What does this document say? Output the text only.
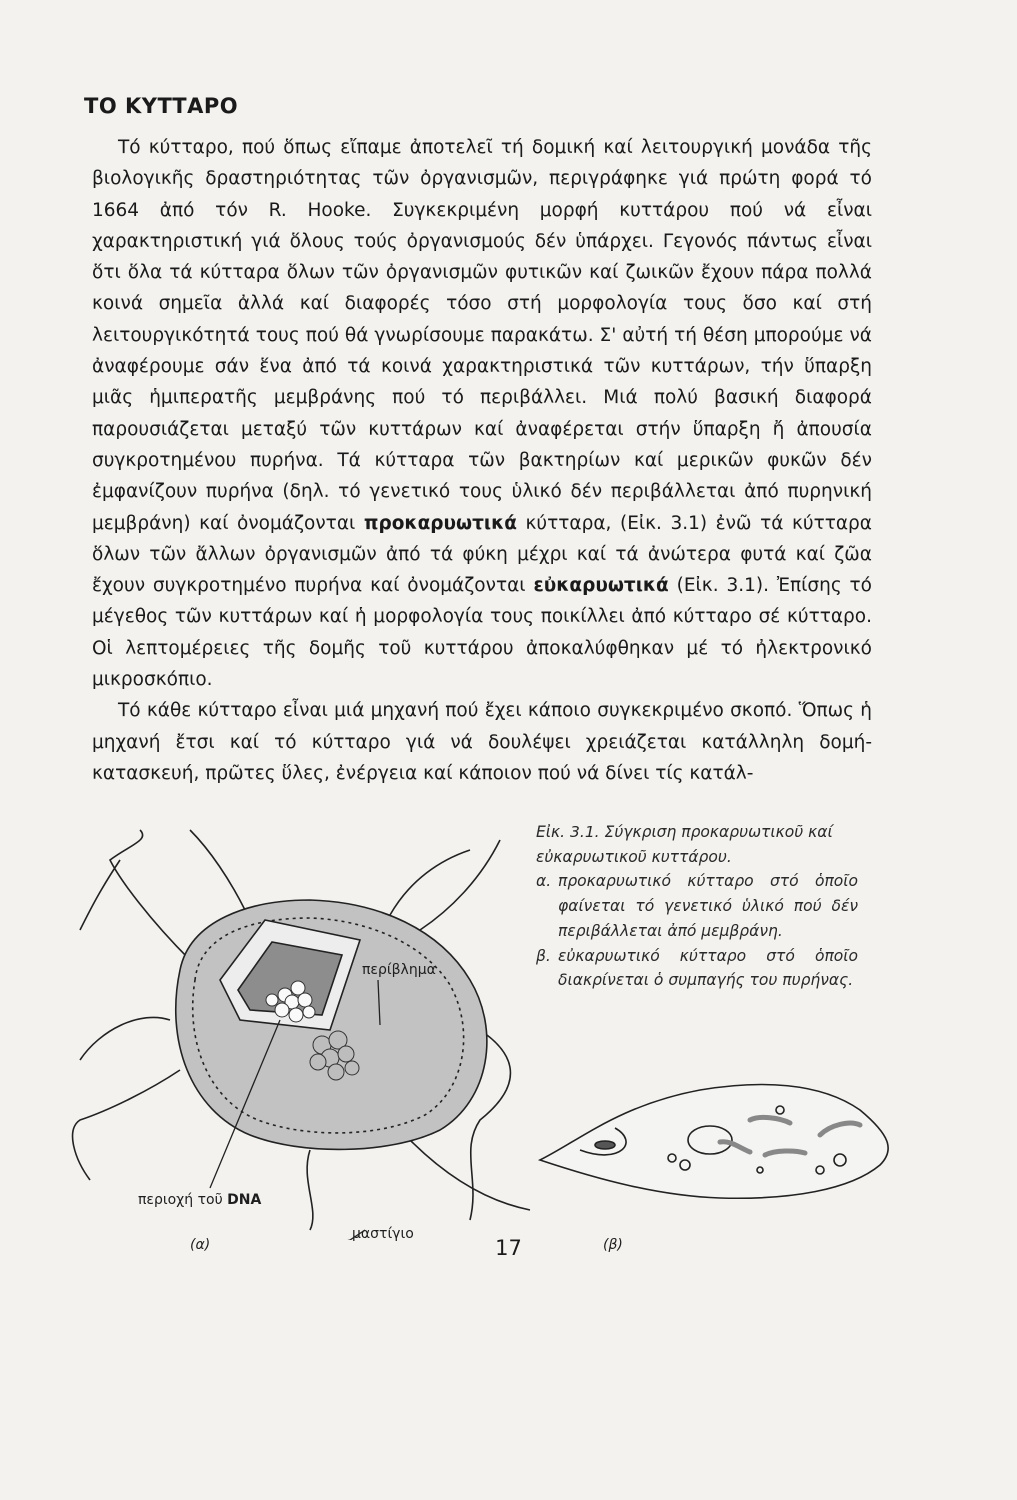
ΤΟ ΚΥΤΤΑΡΟ

Τό κύτταρο, πού ὅπως εἴπαμε ἀποτελεῖ τή δομική καί λειτουργική μονάδα τῆς βιολογικῆς δραστηριότητας τῶν ὀργανισμῶν, περιγράφηκε γιά πρώτη φορά τό 1664 ἀπό τόν R. Hooke. Συγκεκριμένη μορφή κυττάρου πού νά εἶναι χαρακτηριστική γιά ὅλους τούς ὀργανισμούς δέν ὑπάρχει. Γεγονός πάντως εἶναι ὅτι ὅλα τά κύτταρα ὅλων τῶν ὀργανισμῶν φυτικῶν καί ζωικῶν ἔχουν πάρα πολλά κοινά σημεῖα ἀλλά καί διαφορές τόσο στή μορφολογία τους ὅσο καί στή λειτουργικότητά τους πού θά γνωρίσουμε παρακάτω. Σ' αὐτή τή θέση μπορούμε νά ἀναφέρουμε σάν ἕνα ἀπό τά κοινά χαρακτηριστικά τῶν κυττάρων, τήν ὕπαρξη μιᾶς ἡμιπερατῆς μεμβράνης πού τό περιβάλλει. Μιά πολύ βασική διαφορά παρουσιάζεται μεταξύ τῶν κυττάρων καί ἀναφέρεται στήν ὕπαρξη ἤ ἀπουσία συγκροτημένου πυρήνα. Τά κύτταρα τῶν βακτηρίων καί μερικῶν φυκῶν δέν ἐμφανίζουν πυρήνα (δηλ. τό γενετικό τους ὑλικό δέν περιβάλλεται ἀπό πυρηνική μεμβράνη) καί ὀνομάζονται προκαρυωτικά κύτταρα, (Εἰκ. 3.1) ἐνῶ τά κύτταρα ὅλων τῶν ἄλλων ὀργανισμῶν ἀπό τά φύκη μέχρι καί τά ἀνώτερα φυτά καί ζῶα ἔχουν συγκροτημένο πυρήνα καί ὀνομάζονται εὐκαρυωτικά (Εἰκ. 3.1). Ἐπίσης τό μέγεθος τῶν κυττάρων καί ἡ μορφολογία τους ποικίλλει ἀπό κύτταρο σέ κύτταρο. Οἱ λεπτομέρειες τῆς δομῆς τοῦ κυττάρου ἀποκαλύφθηκαν μέ τό ἠλεκτρονικό μικροσκόπιο.

Τό κάθε κύτταρο εἶναι μιά μηχανή πού ἔχει κάποιο συγκεκριμένο σκοπό. Ὅπως ἡ μηχανή ἔτσι καί τό κύτταρο γιά νά δουλέψει χρειάζεται κατάλληλη δομή-κατασκευή, πρῶτες ὕλες, ἐνέργεια καί κάποιον πού νά δίνει τίς κατάλ-

περίβλημα
περιοχή τοῦ DNA
μαστίγιο
(α)	(β)
Εἰκ. 3.1. Σύγκριση προκαρυωτικοῦ καί εὐκαρυωτικοῦ κυττάρου.
α. προκαρυωτικό κύτταρο στό ὁποῖο φαίνεται τό γενετικό ὑλικό πού δέν περιβάλλεται ἀπό μεμβράνη.
β. εὐκαρυωτικό κύτταρο στό ὁποῖο διακρίνεται ὁ συμπαγής του πυρήνας.
17
